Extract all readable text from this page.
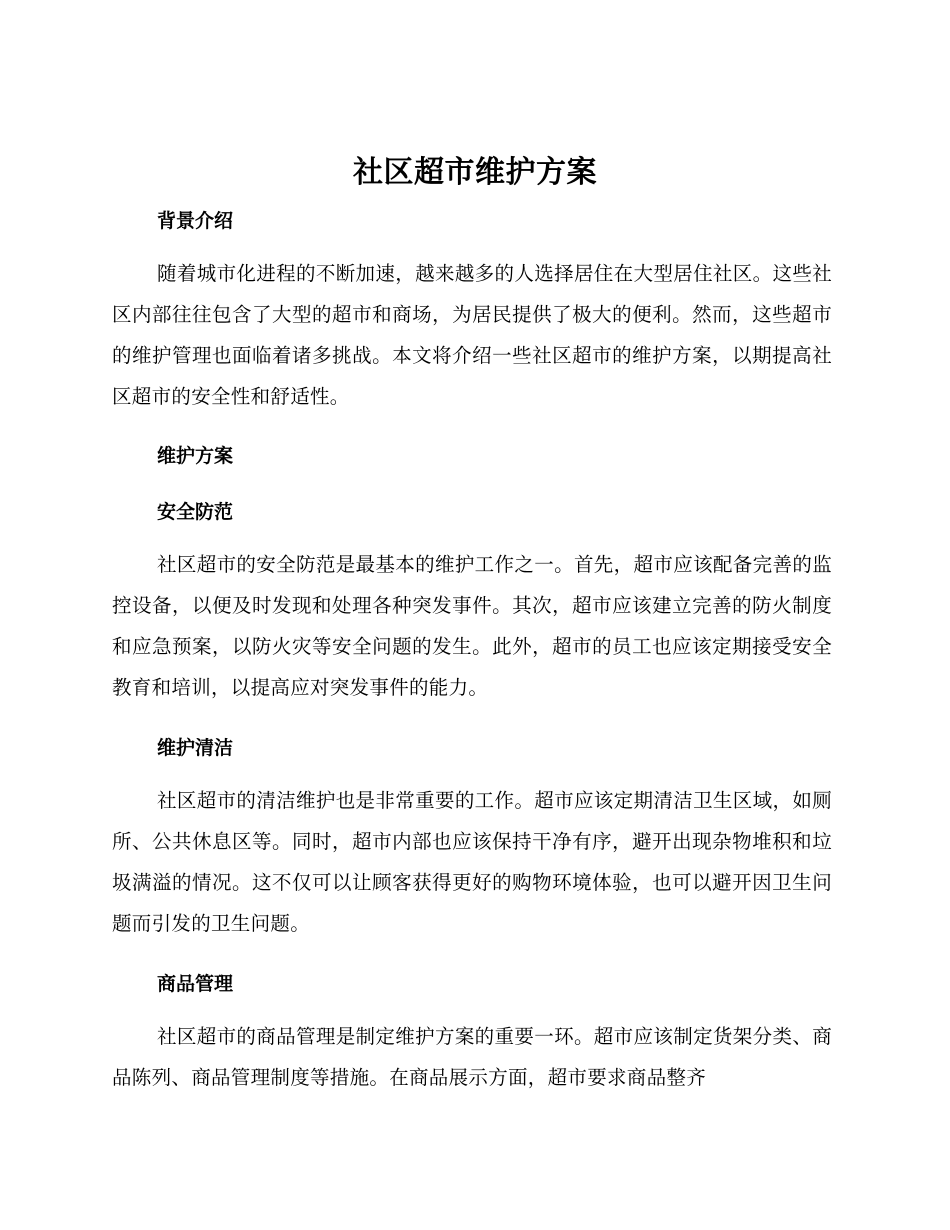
社区超市维护方案
背景介绍
随着城市化进程的不断加速，越来越多的人选择居住在大型居住社区。这些社区内部往往包含了大型的超市和商场，为居民提供了极大的便利。然而，这些超市的维护管理也面临着诸多挑战。本文将介绍一些社区超市的维护方案，以期提高社区超市的安全性和舒适性。
维护方案
安全防范
社区超市的安全防范是最基本的维护工作之一。首先，超市应该配备完善的监控设备，以便及时发现和处理各种突发事件。其次，超市应该建立完善的防火制度和应急预案，以防火灾等安全问题的发生。此外，超市的员工也应该定期接受安全教育和培训，以提高应对突发事件的能力。
维护清洁
社区超市的清洁维护也是非常重要的工作。超市应该定期清洁卫生区域，如厕所、公共休息区等。同时，超市内部也应该保持干净有序，避开出现杂物堆积和垃圾满溢的情况。这不仅可以让顾客获得更好的购物环境体验，也可以避开因卫生问题而引发的卫生问题。
商品管理
社区超市的商品管理是制定维护方案的重要一环。超市应该制定货架分类、商品陈列、商品管理制度等措施。在商品展示方面，超市要求商品整齐
